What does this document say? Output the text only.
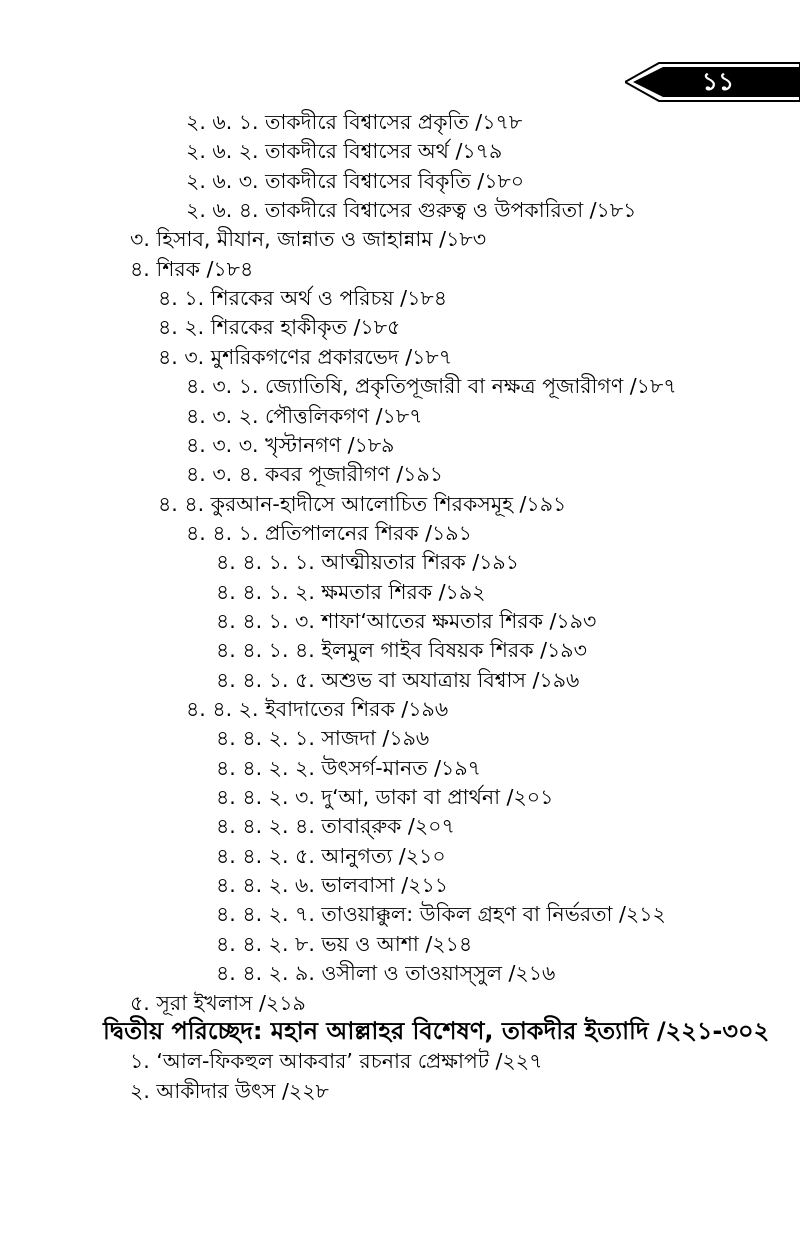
১১
২. ৬. ১. তাকদীরে বিশ্বাসের প্রকৃতি /১৭৮
২. ৬. ২. তাকদীরে বিশ্বাসের অর্থ /১৭৯
২. ৬. ৩. তাকদীরে বিশ্বাসের বিকৃতি /১৮০
২. ৬. ৪. তাকদীরে বিশ্বাসের গুরুত্ব ও উপকারিতা /১৮১
৩. হিসাব, মীযান, জান্নাত ও জাহান্নাম /১৮৩
৪. শিরক /১৮৪
৪. ১. শিরকের অর্থ ও পরিচয় /১৮৪
৪. ২. শিরকের হাকীকৃত /১৮৫
৪. ৩. মুশরিকগণের প্রকারভেদ /১৮৭
৪. ৩. ১. জ্যোতিষি, প্রকৃতিপূজারী বা নক্ষত্র পূজারীগণ /১৮৭
৪. ৩. ২. পৌত্তলিকগণ /১৮৭
৪. ৩. ৩. খৃস্টানগণ /১৮৯
৪. ৩. ৪. কবর পূজারীগণ /১৯১
৪. ৪. কুরআন-হাদীসে আলোচিত শিরকসমূহ /১৯১
৪. ৪. ১. প্রতিপালনের শিরক /১৯১
৪. ৪. ১. ১. আত্মীয়তার শিরক /১৯১
৪. ৪. ১. ২. ক্ষমতার শিরক /১৯২
৪. ৪. ১. ৩. শাফা‘আতের ক্ষমতার শিরক /১৯৩
৪. ৪. ১. ৪. ইলমুল গাইব বিষয়ক শিরক /১৯৩
৪. ৪. ১. ৫. অশুভ বা অযাত্রায় বিশ্বাস /১৯৬
৪. ৪. ২. ইবাদাতের শিরক /১৯৬
৪. ৪. ২. ১. সাজদা /১৯৬
৪. ৪. ২. ২. উৎসর্গ-মানত /১৯৭
৪. ৪. ২. ৩. দু‘আ, ডাকা বা প্রার্থনা /২০১
৪. ৪. ২. ৪. তাবার্‌রুক /২০৭
৪. ৪. ২. ৫. আনুগত্য /২১০
৪. ৪. ২. ৬. ভালবাসা /২১১
৪. ৪. ২. ৭. তাওয়াক্কুল: উকিল গ্রহণ বা নির্ভরতা /২১২
৪. ৪. ২. ৮. ভয় ও আশা /২১৪
৪. ৪. ২. ৯. ওসীলা ও তাওয়াস্‌সুল /২১৬
৫. সূরা ইখলাস /২১৯
দ্বিতীয় পরিচ্ছেদ: মহান আল্লাহর বিশেষণ, তাকদীর ইত্যাদি /২২১-৩০২
১. ‘আল-ফিকহুল আকবার’ রচনার প্রেক্ষাপট /২২৭
২. আকীদার উৎস /২২৮
